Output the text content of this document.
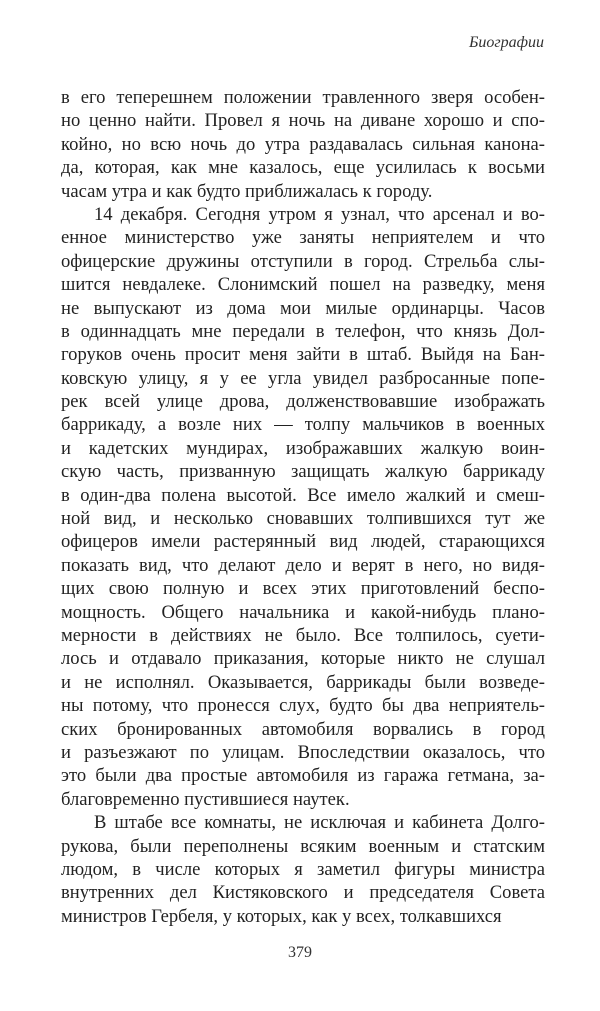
Биографии
в его теперешнем положении травленного зверя особен-
но ценно найти. Провел я ночь на диване хорошо и спо-
койно, но всю ночь до утра раздавалась сильная канона-
да, которая, как мне казалось, еще усилилась к восьми
часам утра и как будто приближалась к городу.
14 декабря. Сегодня утром я узнал, что арсенал и во-
енное министерство уже заняты неприятелем и что
офицерские дружины отступили в город. Стрельба слы-
шится невдалеке. Слонимский пошел на разведку, меня
не выпускают из дома мои милые ординарцы. Часов
в одиннадцать мне передали в телефон, что князь Дол-
горуков очень просит меня зайти в штаб. Выйдя на Бан-
ковскую улицу, я у ее угла увидел разбросанные попе-
рек всей улице дрова, долженствовавшие изображать
баррикаду, а возле них — толпу мальчиков в военных
и кадетских мундирах, изображавших жалкую воин-
скую часть, призванную защищать жалкую баррикаду
в один-два полена высотой. Все имело жалкий и смеш-
ной вид, и несколько сновавших толпившихся тут же
офицеров имели растерянный вид людей, старающихся
показать вид, что делают дело и верят в него, но видя-
щих свою полную и всех этих приготовлений беспо-
мощность. Общего начальника и какой-нибудь плано-
мерности в действиях не было. Все толпилось, суети-
лось и отдавало приказания, которые никто не слушал
и не исполнял. Оказывается, баррикады были возведе-
ны потому, что пронесся слух, будто бы два неприятель-
ских бронированных автомобиля ворвались в город
и разъезжают по улицам. Впоследствии оказалось, что
это были два простые автомобиля из гаража гетмана, за-
благовременно пустившиеся наутек.
В штабе все комнаты, не исключая и кабинета Долго-
рукова, были переполнены всяким военным и статским
людом, в числе которых я заметил фигуры министра
внутренних дел Кистяковского и председателя Совета
министров Гербеля, у которых, как у всех, толкавшихся
379
